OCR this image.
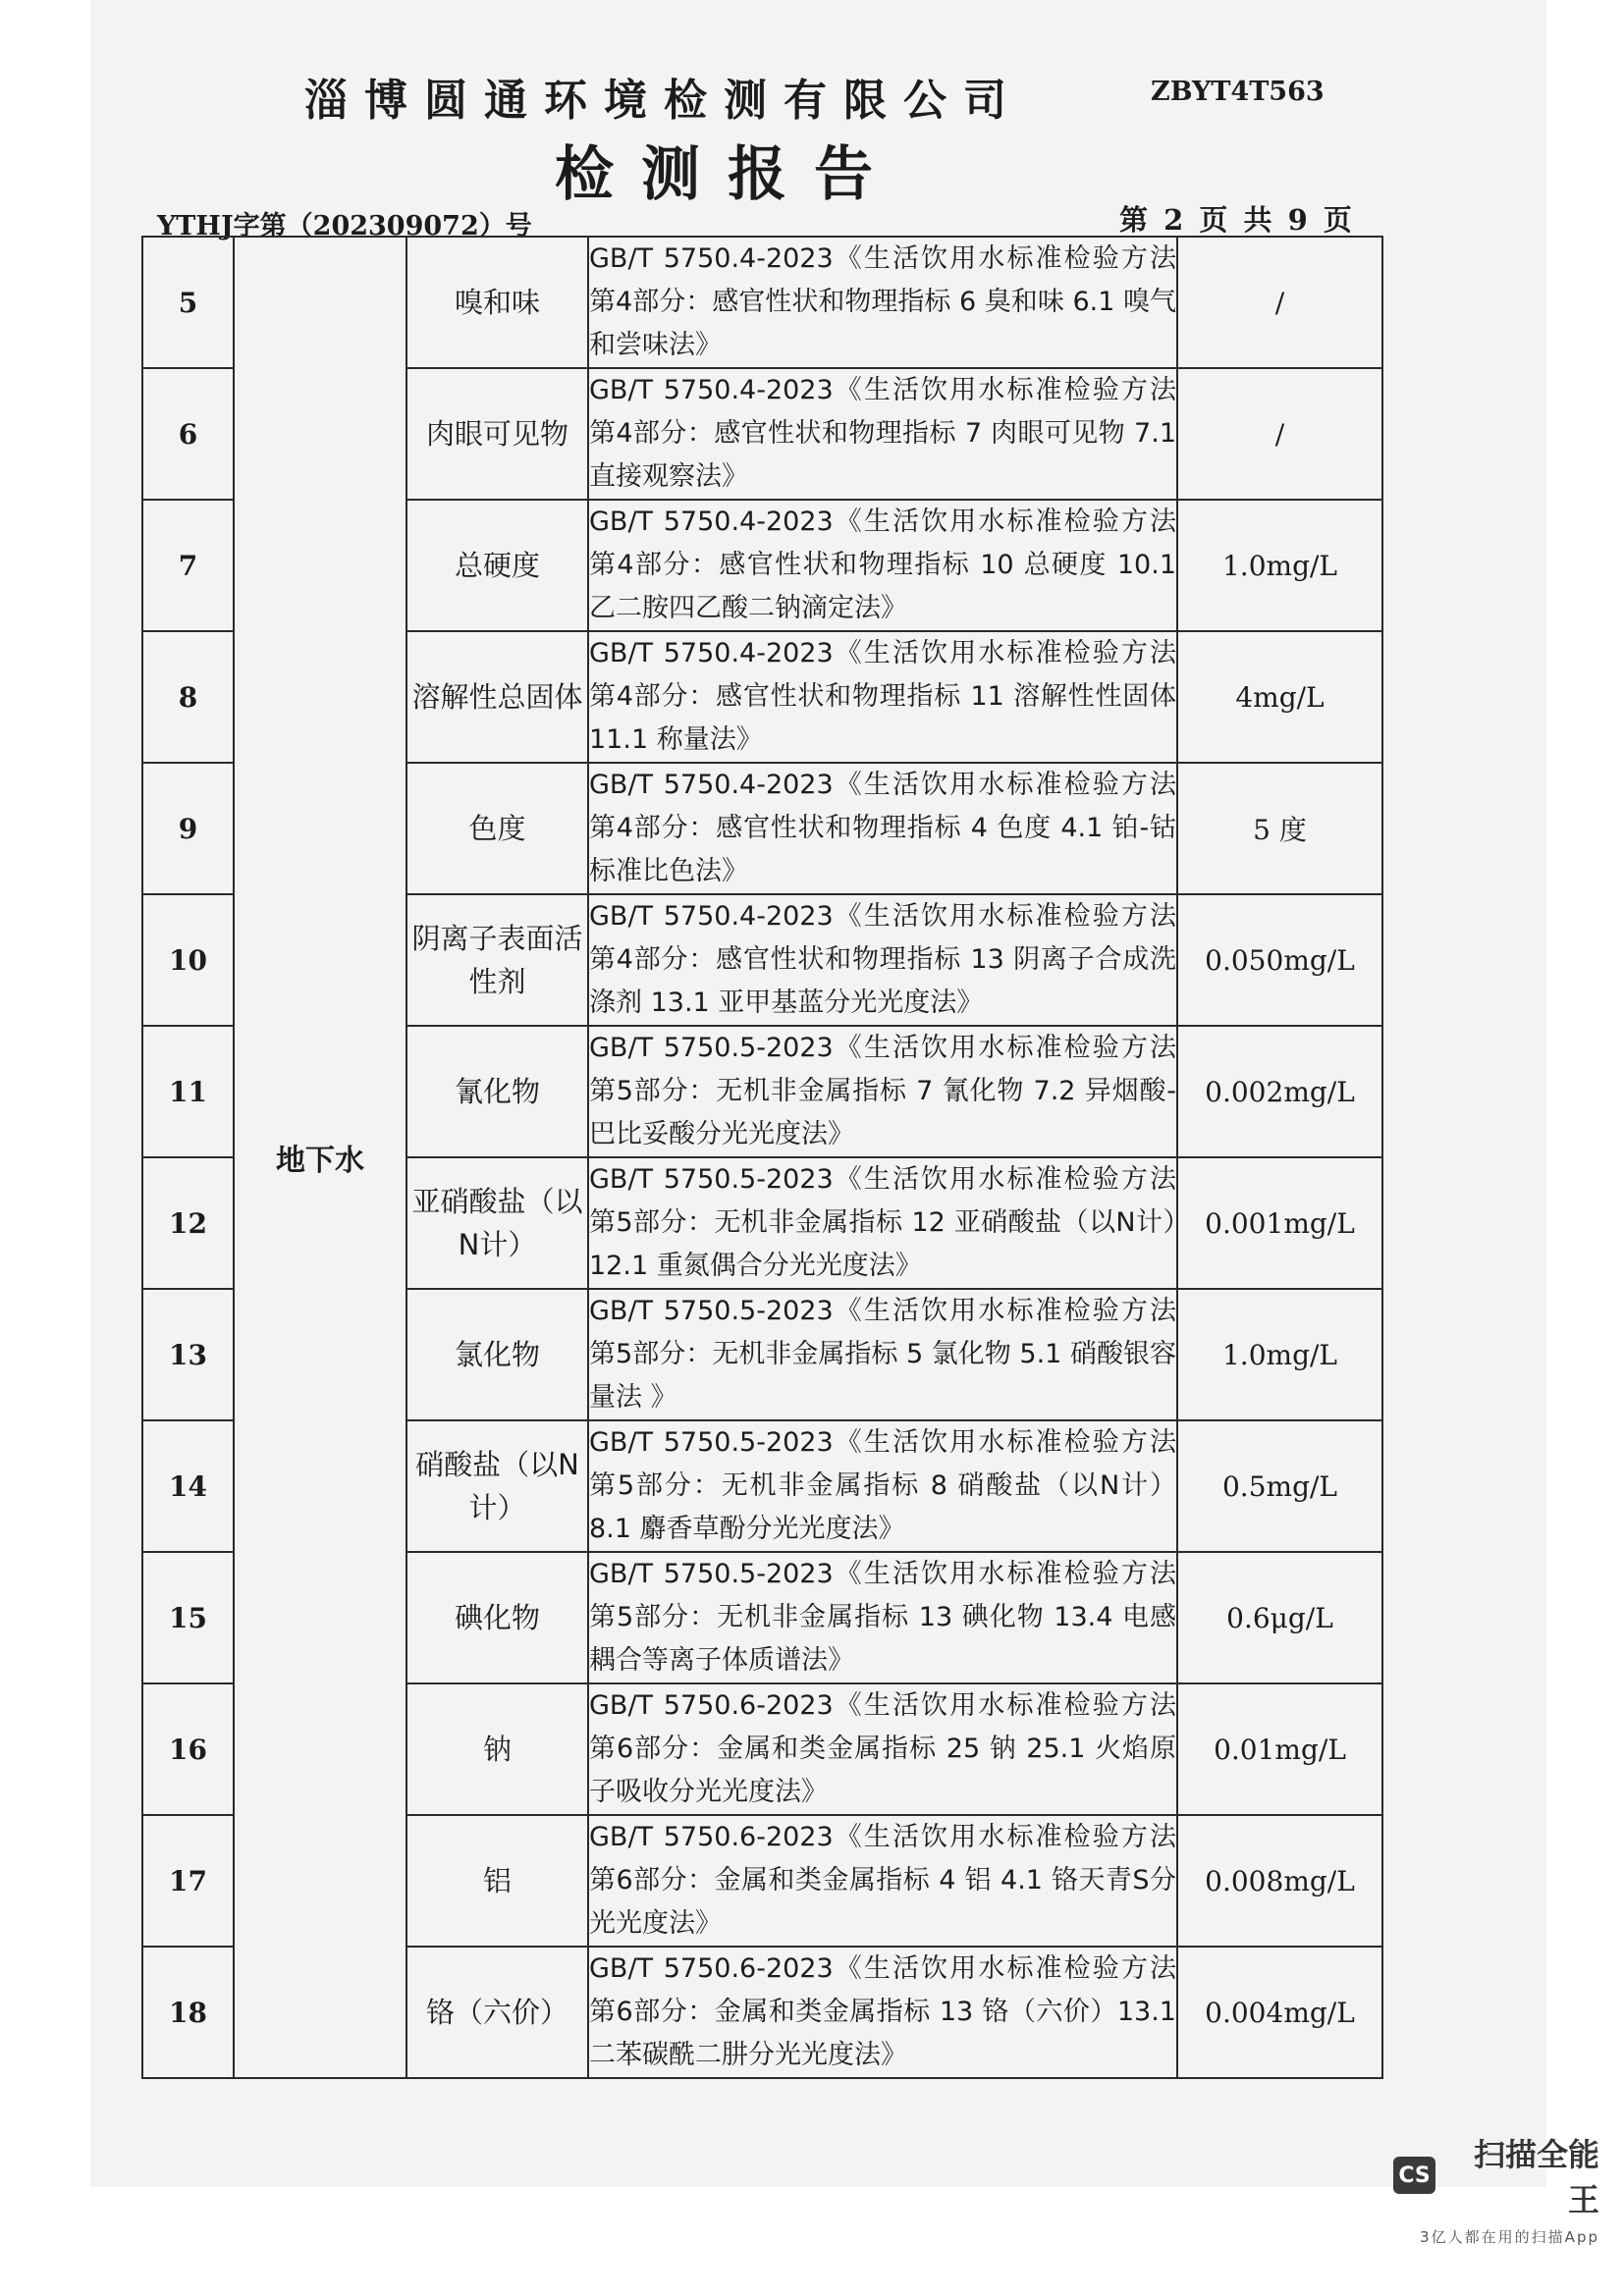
淄博圆通环境检测有限公司	ZBYT4T563
检测报告
YTHJ字第（202309072）号	第 2 页 共 9 页
5	地下水	嗅和味	GB/T 5750.4-2023《生活饮用水标准检验方法 第4部分：感官性状和物理指标 6 臭和味 6.1 嗅气和尝味法》	/
6		肉眼可见物	GB/T 5750.4-2023《生活饮用水标准检验方法 第4部分：感官性状和物理指标 7 肉眼可见物 7.1 直接观察法》	/
7		总硬度	GB/T 5750.4-2023《生活饮用水标准检验方法 第4部分：感官性状和物理指标 10 总硬度 10.1 乙二胺四乙酸二钠滴定法》	1.0mg/L
8		溶解性总固体	GB/T 5750.4-2023《生活饮用水标准检验方法 第4部分：感官性状和物理指标 11 溶解性性固体 11.1 称量法》	4mg/L
9		色度	GB/T 5750.4-2023《生活饮用水标准检验方法 第4部分：感官性状和物理指标 4 色度 4.1 铂-钴标准比色法》	5 度
10		阴离子表面活性剂	GB/T 5750.4-2023《生活饮用水标准检验方法 第4部分：感官性状和物理指标 13 阴离子合成洗涤剂 13.1 亚甲基蓝分光光度法》	0.050mg/L
11		氰化物	GB/T 5750.5-2023《生活饮用水标准检验方法 第5部分：无机非金属指标 7 氰化物 7.2 异烟酸-巴比妥酸分光光度法》	0.002mg/L
12		亚硝酸盐（以N计）	GB/T 5750.5-2023《生活饮用水标准检验方法 第5部分：无机非金属指标 12 亚硝酸盐（以N计）12.1 重氮偶合分光光度法》	0.001mg/L
13		氯化物	GB/T 5750.5-2023《生活饮用水标准检验方法 第5部分：无机非金属指标 5 氯化物 5.1 硝酸银容量法 》	1.0mg/L
14		硝酸盐（以N计）	GB/T 5750.5-2023《生活饮用水标准检验方法 第5部分：无机非金属指标 8 硝酸盐（以N计）8.1 麝香草酚分光光度法》	0.5mg/L
15		碘化物	GB/T 5750.5-2023《生活饮用水标准检验方法 第5部分：无机非金属指标 13 碘化物 13.4 电感耦合等离子体质谱法》	0.6μg/L
16		钠	GB/T 5750.6-2023《生活饮用水标准检验方法 第6部分：金属和类金属指标 25 钠 25.1 火焰原子吸收分光光度法》	0.01mg/L
17		铝	GB/T 5750.6-2023《生活饮用水标准检验方法 第6部分：金属和类金属指标 4 铝 4.1 铬天青S分光光度法》	0.008mg/L
18		铬（六价）	GB/T 5750.6-2023《生活饮用水标准检验方法 第6部分：金属和类金属指标 13 铬（六价）13.1 二苯碳酰二肼分光光度法》	0.004mg/L
CS
扫描全能王
3亿人都在用的扫描App
